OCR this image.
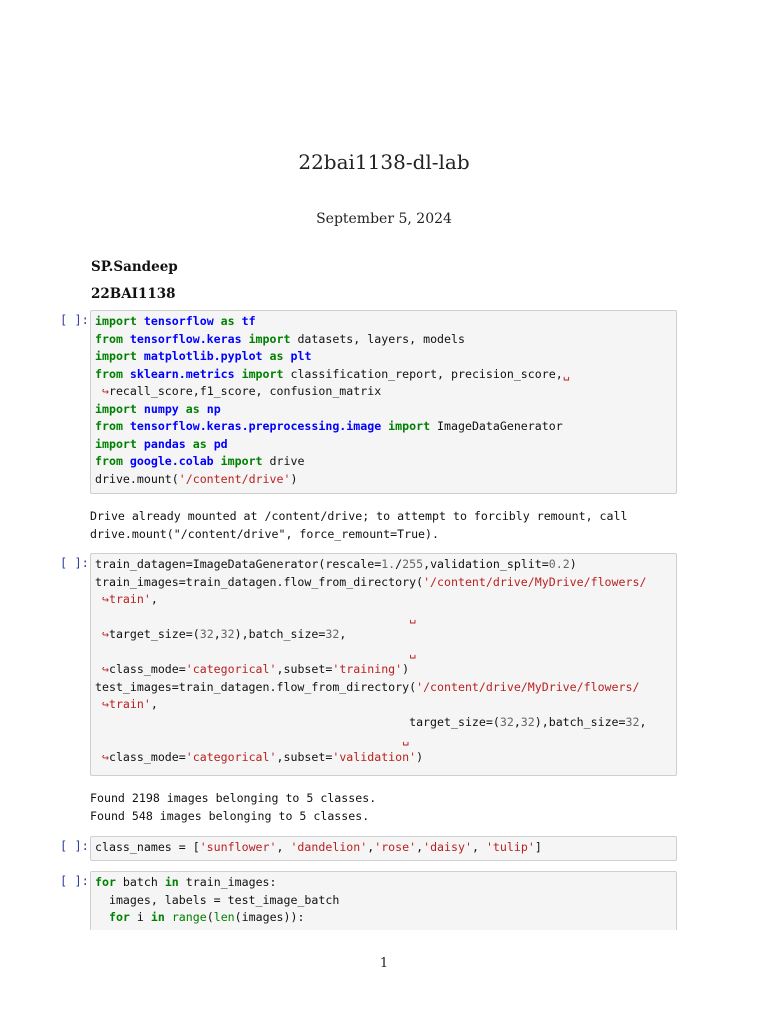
22bai1138-dl-lab
September 5, 2024
SP.Sandeep
22BAI1138
[ ]: import tensorflow as tf
from tensorflow.keras import datasets, layers, models
import matplotlib.pyplot as plt
from sklearn.metrics import classification_report, precision_score,␣
↪recall_score,f1_score, confusion_matrix
import numpy as np
from tensorflow.keras.preprocessing.image import ImageDataGenerator
import pandas as pd
from google.colab import drive
drive.mount('/content/drive')
Drive already mounted at /content/drive; to attempt to forcibly remount, call
drive.mount("/content/drive", force_remount=True).
[ ]: train_datagen=ImageDataGenerator(rescale=1./255,validation_split=0.2)
train_images=train_datagen.flow_from_directory('/content/drive/MyDrive/flowers/
↪train',
␣
↪target_size=(32,32),batch_size=32,
␣
↪class_mode='categorical',subset='training')
test_images=train_datagen.flow_from_directory('/content/drive/MyDrive/flowers/
↪train',
target_size=(32,32),batch_size=32,
␣
↪class_mode='categorical',subset='validation')
Found 2198 images belonging to 5 classes.
Found 548 images belonging to 5 classes.
[ ]: class_names = ['sunflower', 'dandelion','rose','daisy', 'tulip']
[ ]: for batch in train_images:
images, labels = test_image_batch
for i in range(len(images)):
1
